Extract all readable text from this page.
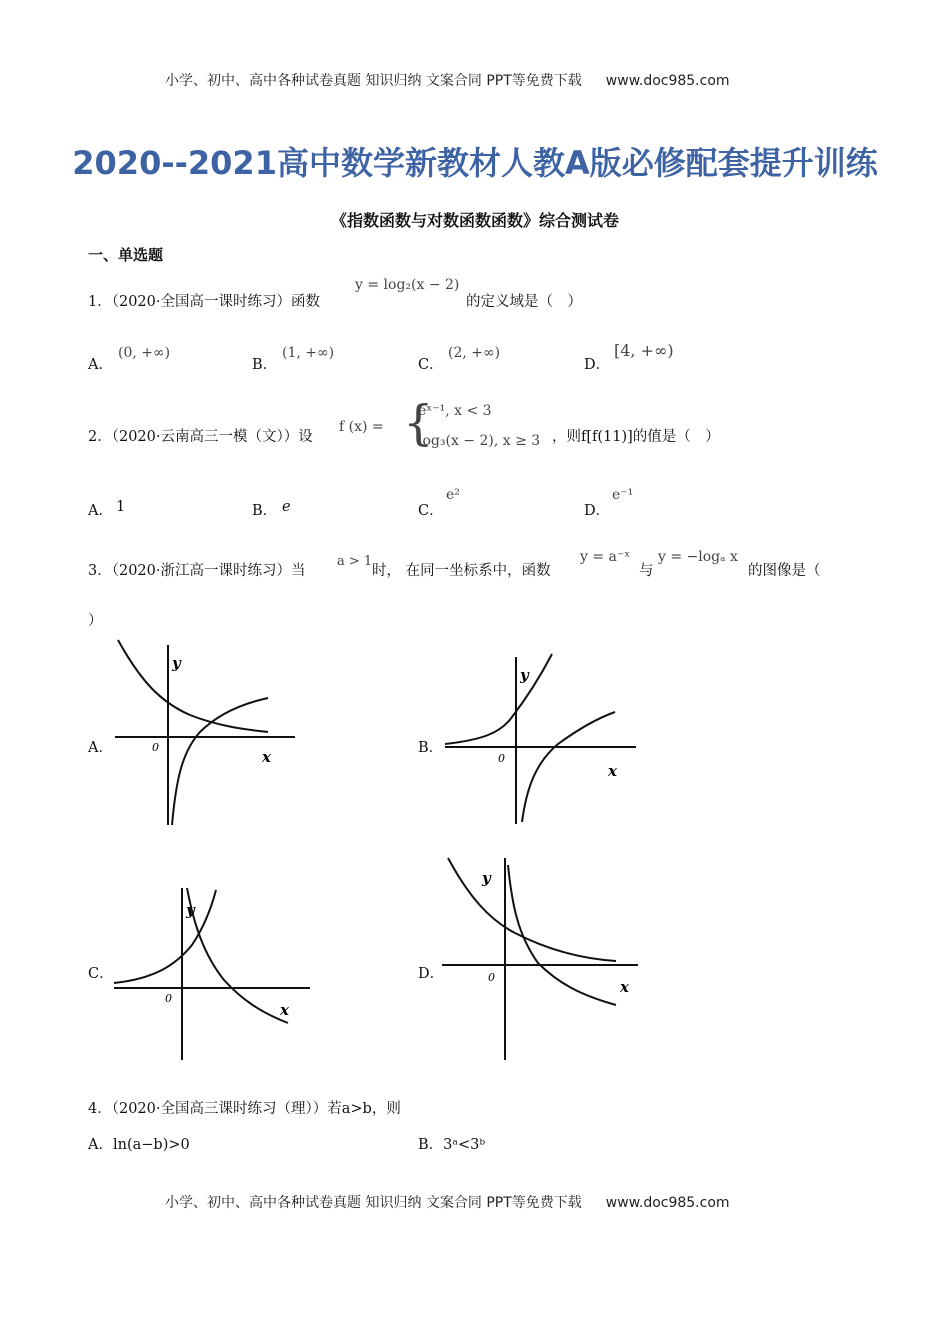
小学、初中、高中各种试卷真题 知识归纳 文案合同 PPT等免费下载 www.doc985.com
2020--2021高中数学新教材人教A版必修配套提升训练
《指数函数与对数函数函数》综合测试卷
一、单选题
1．（2020·全国高一课时练习）函数
y = log₂(x − 2)
的定义域是（　）
A．
(0, +∞)
B．
(1, +∞)
C．
(2, +∞)
D．
[4, +∞)
2．（2020·云南高三一模（文））设
f (x) = {
eˣ⁻¹, x < 3
log₃(x − 2), x ≥ 3 ，则f[f(11)]的值是（　）
A． 1	B． e	C．
e²
D．
e⁻¹
3．（2020·浙江高一课时练习）当
a > 1
时， 在同一坐标系中，函数
y = a⁻ˣ
与
y = −logₐ x
的图像是（
）
A．	B．
C．	D．
y
0
x
y
0
x
y
0
x
y
0
x
4．（2020·全国高三课时练习（理））若a>b，则
A．ln(a−b)>0	B．3ᵃ<3ᵇ
小学、初中、高中各种试卷真题 知识归纳 文案合同 PPT等免费下载 www.doc985.com
